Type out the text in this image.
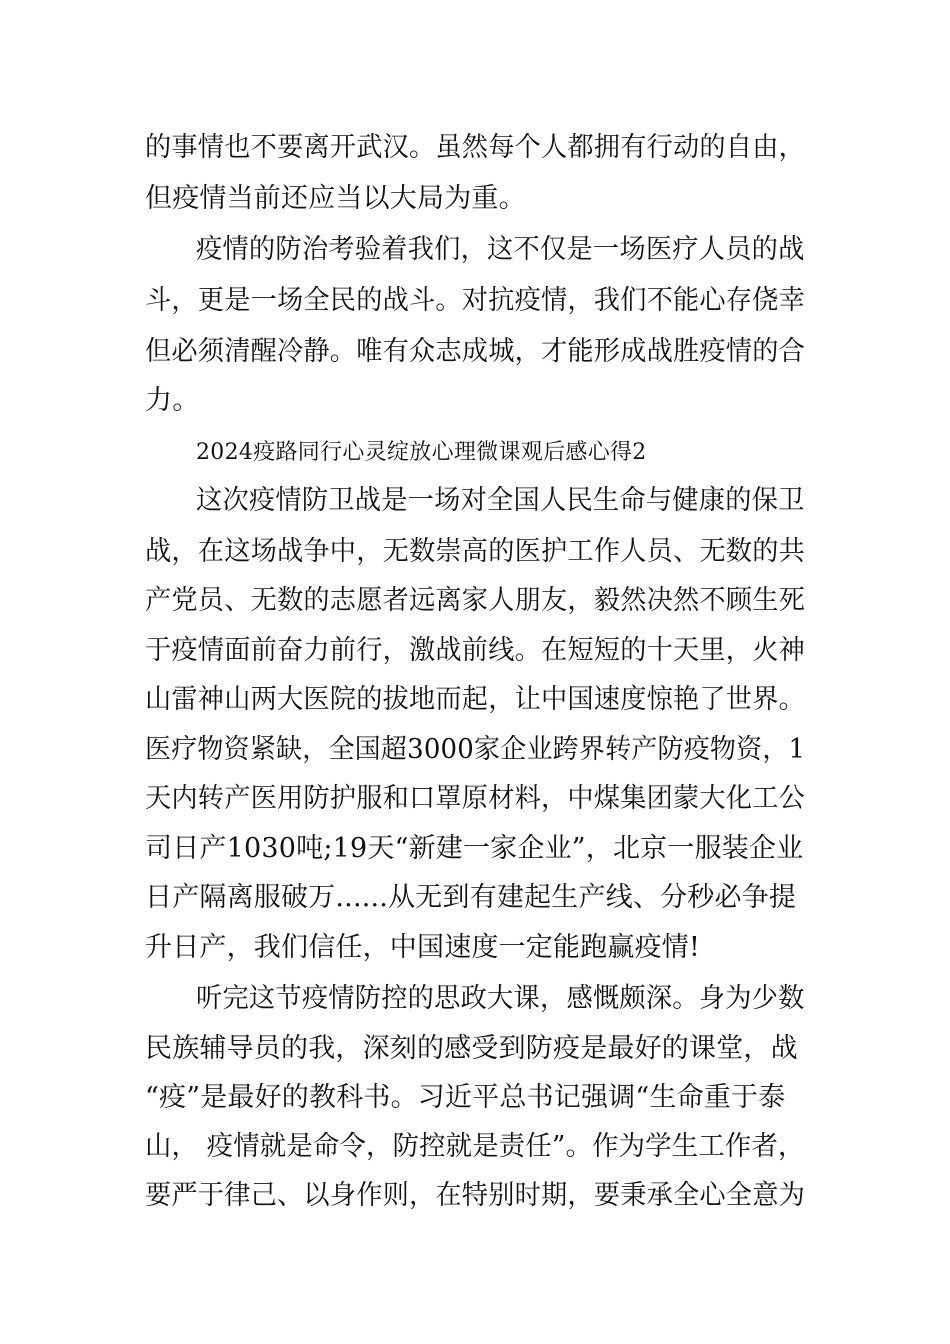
的事情也不要离开武汉。虽然每个人都拥有行动的自由，
但疫情当前还应当以大局为重。
疫情的防治考验着我们，这不仅是一场医疗人员的战
斗，更是一场全民的战斗。对抗疫情，我们不能心存侥幸
但必须清醒冷静。唯有众志成城，才能形成战胜疫情的合
力。
2024疫路同行心灵绽放心理微课观后感心得2
这次疫情防卫战是一场对全国人民生命与健康的保卫
战，在这场战争中，无数崇高的医护工作人员、无数的共
产党员、无数的志愿者远离家人朋友，毅然决然不顾生死
于疫情面前奋力前行，激战前线。在短短的十天里，火神
山雷神山两大医院的拔地而起，让中国速度惊艳了世界。
医疗物资紧缺，全国超3000家企业跨界转产防疫物资，1
天内转产医用防护服和口罩原材料，中煤集团蒙大化工公
司日产1030吨;19天“新建一家企业”，北京一服装企业
日产隔离服破万......从无到有建起生产线、分秒必争提
升日产，我们信任，中国速度一定能跑赢疫情!
听完这节疫情防控的思政大课，感慨颇深。身为少数
民族辅导员的我，深刻的感受到防疫是最好的课堂，战
“疫”是最好的教科书。习近平总书记强调“生命重于泰
山， 疫情就是命令，防控就是责任”。作为学生工作者，
要严于律己、以身作则，在特别时期，要秉承全心全意为
